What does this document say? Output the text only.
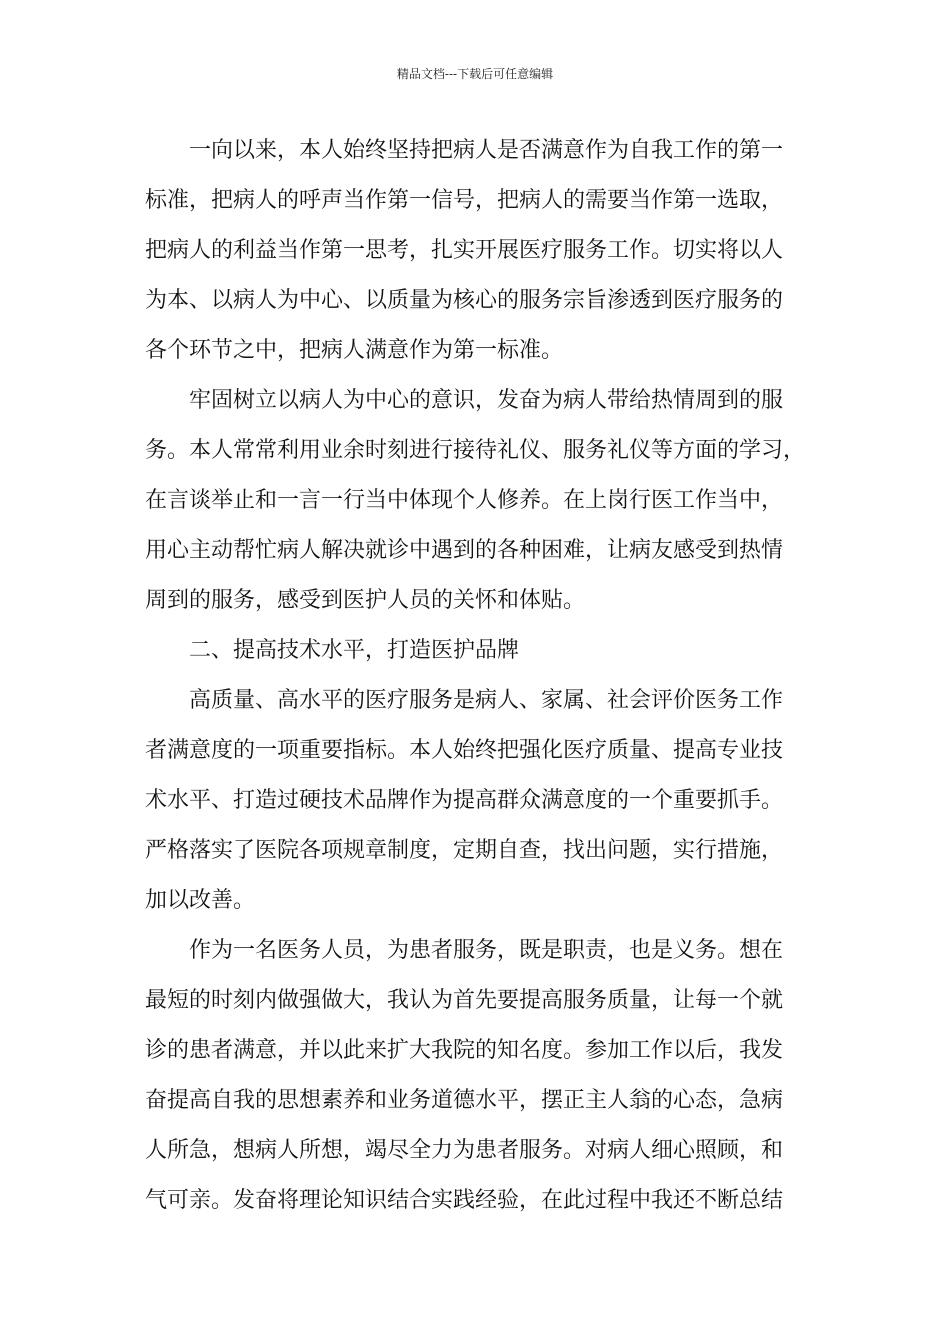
精品文档---下载后可任意编辑

一向以来，本人始终坚持把病人是否满意作为自我工作的第一
标准，把病人的呼声当作第一信号，把病人的需要当作第一选取，
把病人的利益当作第一思考，扎实开展医疗服务工作。切实将以人
为本、以病人为中心、以质量为核心的服务宗旨渗透到医疗服务的
各个环节之中，把病人满意作为第一标准。

牢固树立以病人为中心的意识，发奋为病人带给热情周到的服
务。本人常常利用业余时刻进行接待礼仪、服务礼仪等方面的学习，
在言谈举止和一言一行当中体现个人修养。在上岗行医工作当中，
用心主动帮忙病人解决就诊中遇到的各种困难，让病友感受到热情
周到的服务，感受到医护人员的关怀和体贴。

二、提高技术水平，打造医护品牌

高质量、高水平的医疗服务是病人、家属、社会评价医务工作
者满意度的一项重要指标。本人始终把强化医疗质量、提高专业技
术水平、打造过硬技术品牌作为提高群众满意度的一个重要抓手。
严格落实了医院各项规章制度，定期自查，找出问题，实行措施，
加以改善。

作为一名医务人员，为患者服务，既是职责，也是义务。想在
最短的时刻内做强做大，我认为首先要提高服务质量，让每一个就
诊的患者满意，并以此来扩大我院的知名度。参加工作以后，我发
奋提高自我的思想素养和业务道德水平，摆正主人翁的心态，急病
人所急，想病人所想，竭尽全力为患者服务。对病人细心照顾，和
气可亲。发奋将理论知识结合实践经验，在此过程中我还不断总结
